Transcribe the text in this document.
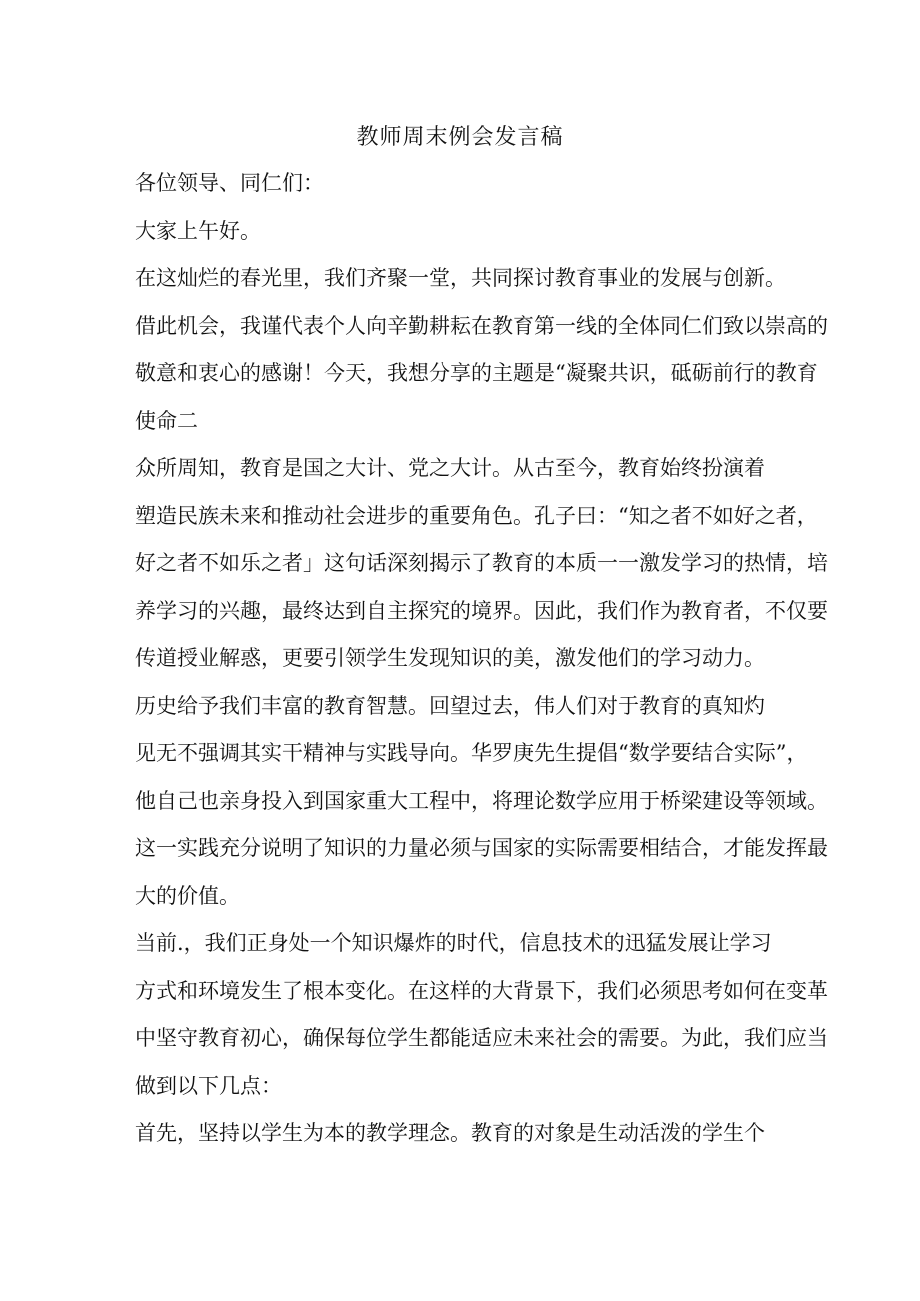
教师周末例会发言稿

各位领导、同仁们：

大家上午好。

在这灿烂的春光里，我们齐聚一堂，共同探讨教育事业的发展与创新。
借此机会，我谨代表个人向辛勤耕耘在教育第一线的全体同仁们致以崇高的
敬意和衷心的感谢！今天，我想分享的主题是“凝聚共识，砥砺前行的教育
使命二

众所周知，教育是国之大计、党之大计。从古至今，教育始终扮演着
塑造民族未来和推动社会进步的重要角色。孔子曰：“知之者不如好之者，
好之者不如乐之者」这句话深刻揭示了教育的本质一一激发学习的热情，培
养学习的兴趣，最终达到自主探究的境界。因此，我们作为教育者，不仅要
传道授业解惑，更要引领学生发现知识的美，激发他们的学习动力。

历史给予我们丰富的教育智慧。回望过去，伟人们对于教育的真知灼
见无不强调其实干精神与实践导向。华罗庚先生提倡“数学要结合实际”，
他自己也亲身投入到国家重大工程中，将理论数学应用于桥梁建设等领域。
这一实践充分说明了知识的力量必须与国家的实际需要相结合，才能发挥最
大的价值。

当前.，我们正身处一个知识爆炸的时代，信息技术的迅猛发展让学习
方式和环境发生了根本变化。在这样的大背景下，我们必须思考如何在变革
中坚守教育初心，确保每位学生都能适应未来社会的需要。为此，我们应当
做到以下几点：

首先，坚持以学生为本的教学理念。教育的对象是生动活泼的学生个
